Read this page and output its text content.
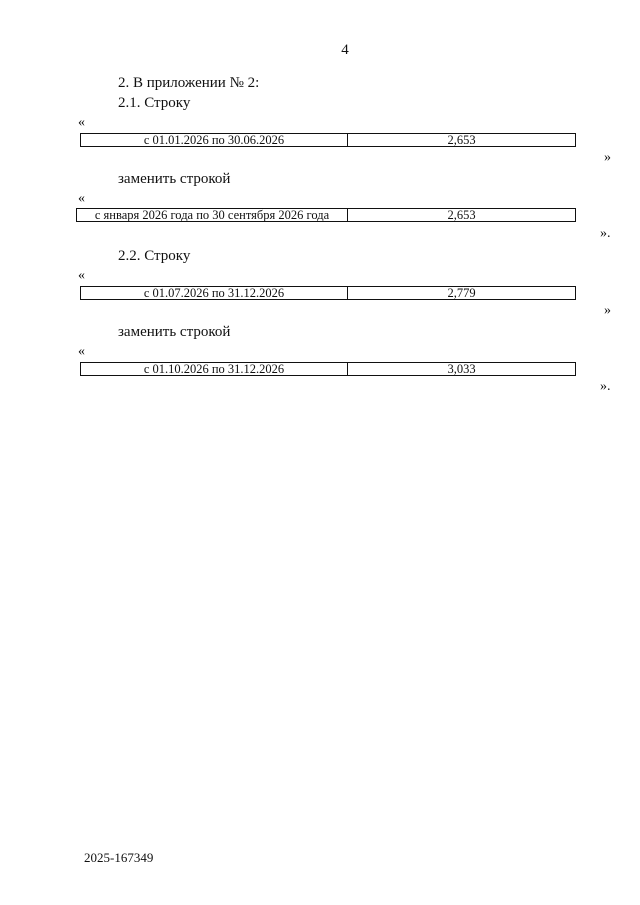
4
2. В приложении № 2:
2.1. Строку
«
с 01.01.2026 по 30.06.2026	2,653
»
заменить строкой
«
с января 2026 года по 30 сентября 2026 года	2,653
».
2.2. Строку
«
с 01.07.2026 по 31.12.2026	2,779
»
заменить строкой
«
с 01.10.2026 по 31.12.2026	3,033
».
2025-167349
